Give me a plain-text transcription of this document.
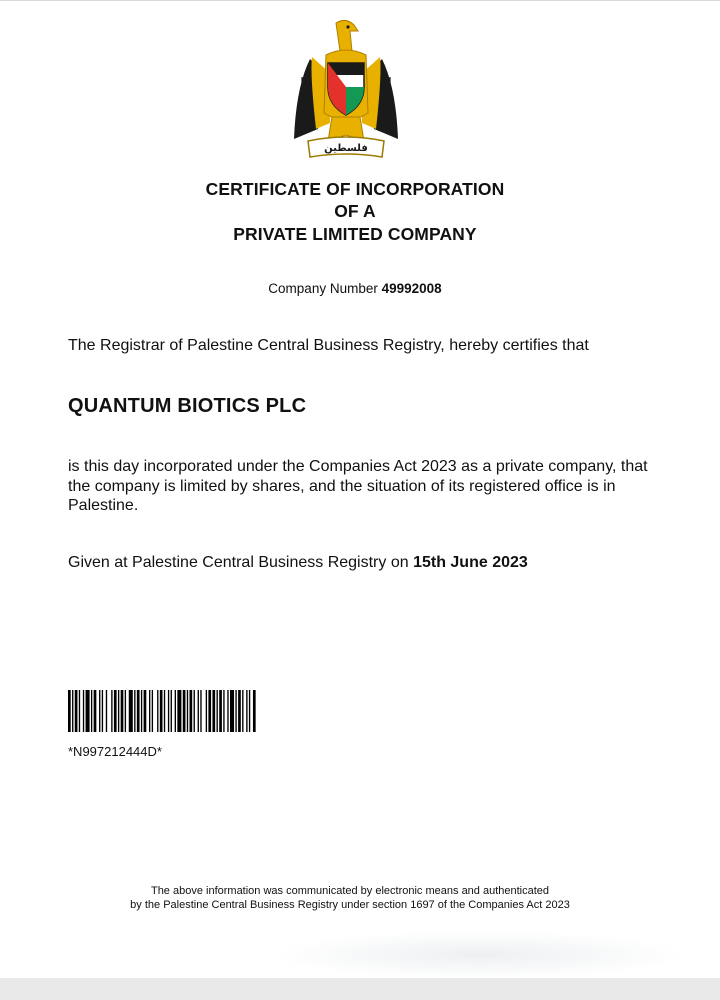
فلسطين
CERTIFICATE OF INCORPORATION
OF A
PRIVATE LIMITED COMPANY
Company Number 49992008
The Registrar of Palestine Central Business Registry, hereby certifies that
QUANTUM BIOTICS PLC
is this day incorporated under the Companies Act 2023 as a private company, that the company is limited by shares, and the situation of its registered office is in Palestine.
Given at Palestine Central Business Registry on 15th June 2023
*N997212444D*
The above information was communicated by electronic means and authenticated
by the Palestine Central Business Registry under section 1697 of the Companies Act 2023
